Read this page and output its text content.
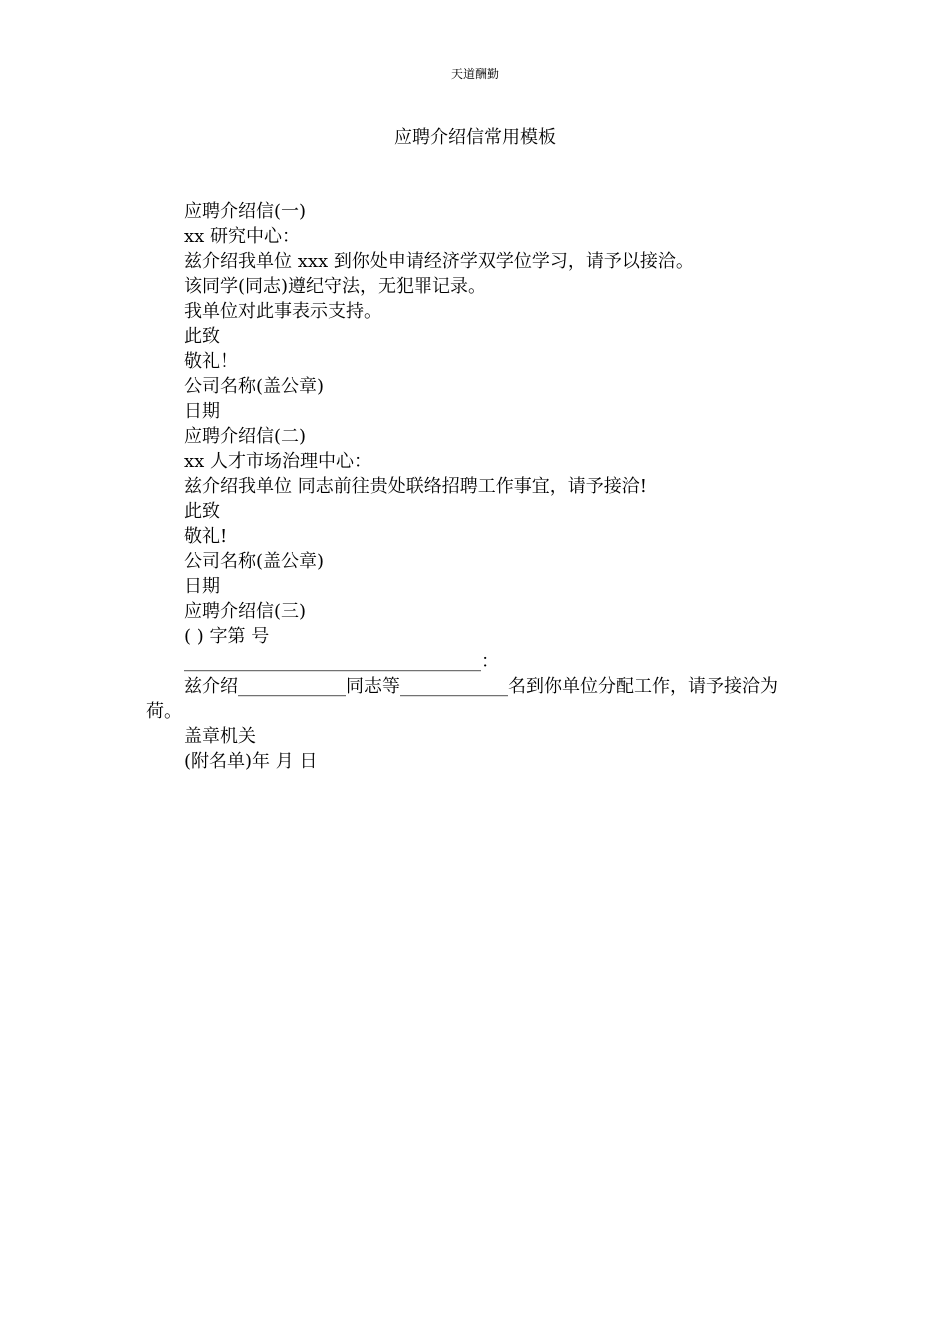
天道酬勤
应聘介绍信常用模板
应聘介绍信(一)
xx 研究中心：
兹介绍我单位 xxx 到你处申请经济学双学位学习，请予以接洽。
该同学(同志)遵纪守法，无犯罪记录。
我单位对此事表示支持。
此致
敬礼！
公司名称(盖公章)
日期
应聘介绍信(二)
xx 人才市场治理中心：
兹介绍我单位 同志前往贵处联络招聘工作事宜，请予接洽!
此致
敬礼!
公司名称(盖公章)
日期
应聘介绍信(三)
( ) 字第 号
_________________________________：
兹介绍____________同志等____________名到你单位分配工作，请予接洽为荷。
盖章机关
(附名单)年 月 日
